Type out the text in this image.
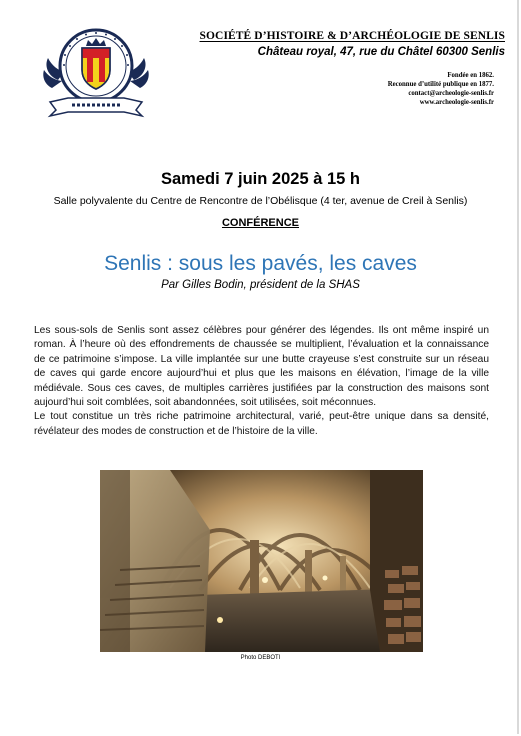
SOCIÉTÉ D’HISTOIRE & D’ARCHÉOLOGIE DE SENLIS
Château royal, 47, rue du Châtel 60300 Senlis
Fondée en 1862.
Reconnue d’utilité publique en 1877.
contact@archeologie-senlis.fr
www.archeologie-senlis.fr
Samedi 7 juin 2025 à 15 h
Salle polyvalente du Centre de Rencontre de l’Obélisque (4 ter, avenue de Creil à Senlis)
CONFÉRENCE
Senlis : sous les pavés, les caves
Par Gilles Bodin, président de la SHAS

Les sous-sols de Senlis sont assez célèbres pour générer des légendes. Ils ont même inspiré un roman. À l’heure où des effondrements de chaussée se multiplient, l’évaluation et la connaissance de ce patrimoine s’impose. La ville implantée sur une butte crayeuse s’est construite sur un réseau de caves qui garde encore aujourd’hui et plus que les maisons en élévation, l’image de la ville médiévale. Sous ces caves, de multiples carrières justifiées par la construction des maisons sont aujourd’hui soit comblées, soit abandonnées, soit utilisées, soit méconnues.

Le tout constitue un très riche patrimoine architectural, varié, peut-être unique dans sa densité, révélateur des modes de construction et de l’histoire de la ville.

Photo DEBOTI
